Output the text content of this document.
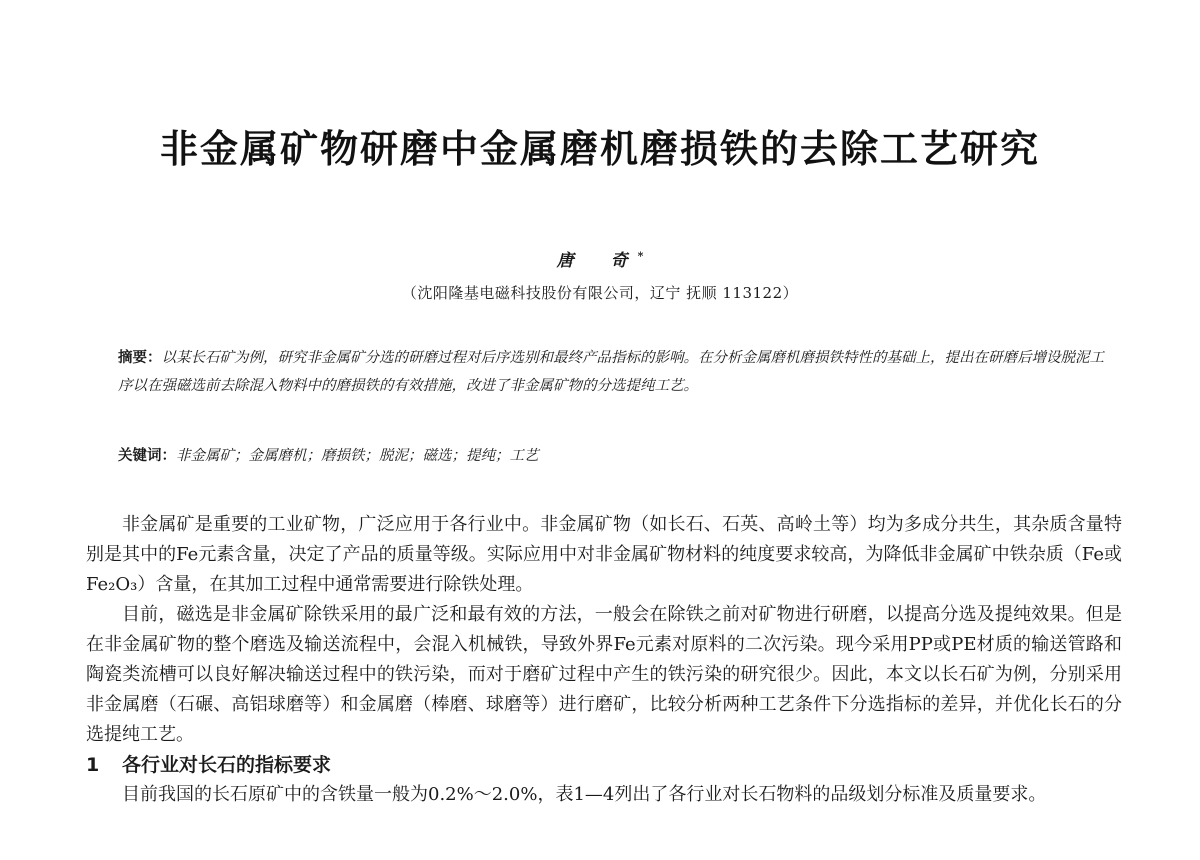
非金属矿物研磨中金属磨机磨损铁的去除工艺研究
唐　奇*
（沈阳隆基电磁科技股份有限公司，辽宁 抚顺 113122）
摘要：以某长石矿为例，研究非金属矿分选的研磨过程对后序选别和最终产品指标的影响。在分析金属磨机磨损铁特性的基础上，提出在研磨后增设脱泥工序以在强磁选前去除混入物料中的磨损铁的有效措施，改进了非金属矿物的分选提纯工艺。
关键词：非金属矿；金属磨机；磨损铁；脱泥；磁选；提纯；工艺

非金属矿是重要的工业矿物，广泛应用于各行业中。非金属矿物（如长石、石英、高岭土等）均为多成分共生，其杂质含量特别是其中的Fe元素含量，决定了产品的质量等级。实际应用中对非金属矿物材料的纯度要求较高，为降低非金属矿中铁杂质（Fe或Fe₂O₃）含量，在其加工过程中通常需要进行除铁处理。

目前，磁选是非金属矿除铁采用的最广泛和最有效的方法，一般会在除铁之前对矿物进行研磨，以提高分选及提纯效果。但是在非金属矿物的整个磨选及输送流程中，会混入机械铁，导致外界Fe元素对原料的二次污染。现今采用PP或PE材质的输送管路和陶瓷类流槽可以良好解决输送过程中的铁污染，而对于磨矿过程中产生的铁污染的研究很少。因此，本文以长石矿为例，分别采用非金属磨（石碾、高铝球磨等）和金属磨（棒磨、球磨等）进行磨矿，比较分析两种工艺条件下分选指标的差异，并优化长石的分选提纯工艺。

1 各行业对长石的指标要求

目前我国的长石原矿中的含铁量一般为0.2%～2.0%，表1—4列出了各行业对长石物料的品级划分标准及质量要求。
